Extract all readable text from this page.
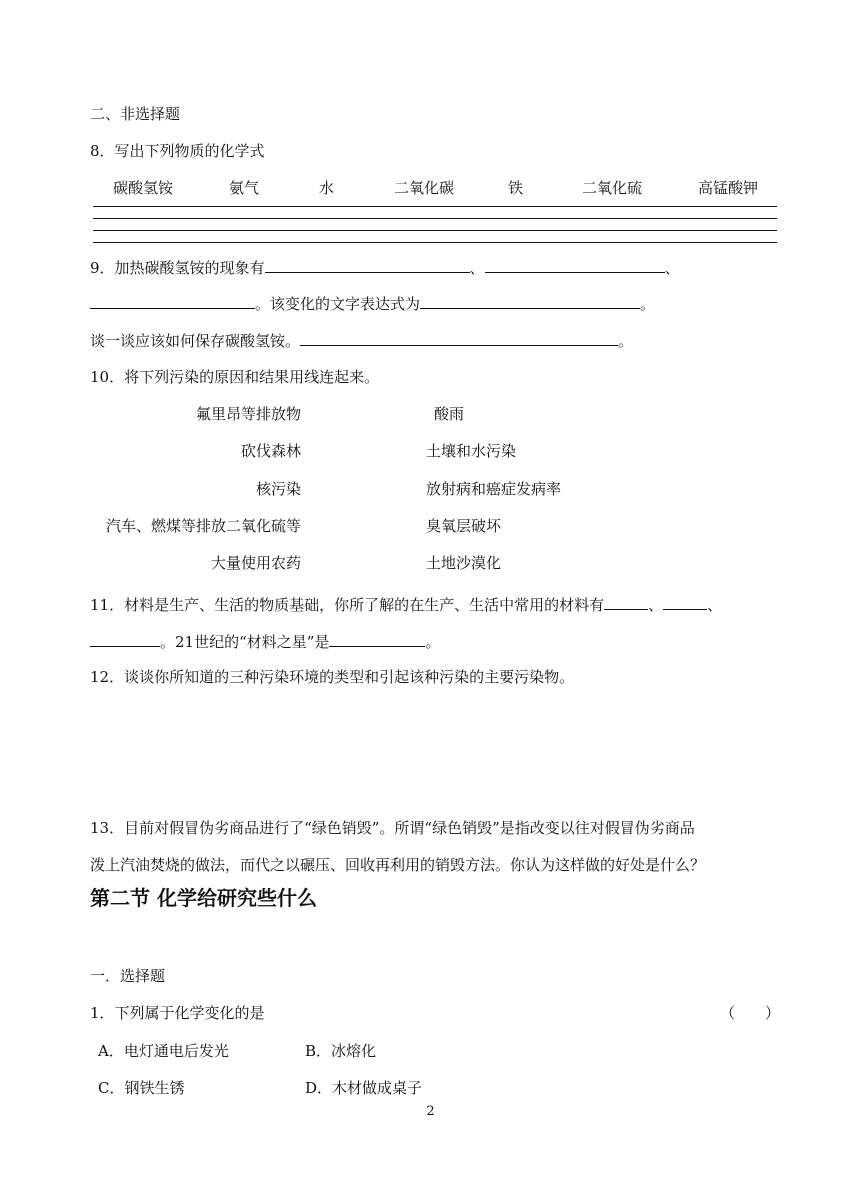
二、非选择题
8．写出下列物质的化学式
碳酸氢铵	氨气	水	二氧化碳	铁	二氧化硫	高锰酸钾
9．加热碳酸氢铵的现象有	、	、
。该变化的文字表达式为	。
谈一谈应该如何保存碳酸氢铵。	。
10．将下列污染的原因和结果用线连起来。
氟里昂等排放物
砍伐森林
核污染
汽车、燃煤等排放二氧化硫等
大量使用农药
酸雨
土壤和水污染
放射病和癌症发病率
臭氧层破坏
土地沙漠化
11．材料是生产、生活的物质基础，你所了解的在生产、生活中常用的材料有	、	、
。21世纪的“材料之星”是	。
12．谈谈你所知道的三种污染环境的类型和引起该种污染的主要污染物。
13．目前对假冒伪劣商品进行了“绿色销毁”。所谓“绿色销毁”是指改变以往对假冒伪劣商品
泼上汽油焚烧的做法，而代之以碾压、回收再利用的销毁方法。你认为这样做的好处是什么？
第二节 化学给研究些什么
一．选择题
1．下列属于化学变化的是	（　　）
A．电灯通电后发光	B．冰熔化
C．钢铁生锈	D．木材做成桌子
2
